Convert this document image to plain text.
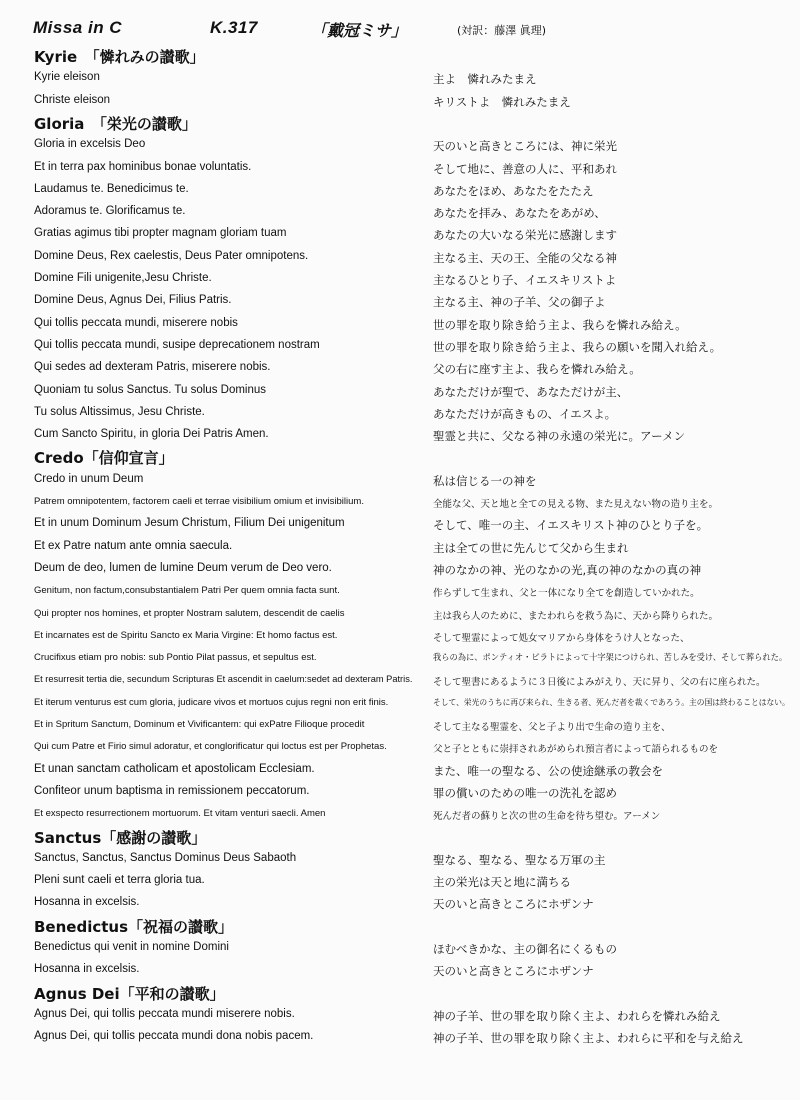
Missa in C	K.317	「戴冠ミサ」	(対訳：藤澤 眞理)
Kyrie　「憐れみの讃歌」
Kyrie eleison	主よ　憐れみたまえ
Christe eleison	キリストよ　憐れみたまえ
Gloria　「栄光の讃歌」
Gloria in excelsis Deo	天のいと高きところには、神に栄光
Et in terra pax hominibus bonae voluntatis.	そして地に、善意の人に、平和あれ
Laudamus te. Benedicimus te.	あなたをほめ、あなたをたたえ
Adoramus te. Glorificamus te.	あなたを拝み、あなたをあがめ、
Gratias agimus tibi propter magnam gloriam tuam	あなたの大いなる栄光に感謝します
Domine Deus, Rex caelestis, Deus Pater omnipotens.	主なる主、天の王、全能の父なる神
Domine Fili unigenite,Jesu Christe.	主なるひとり子、イエスキリストよ
Domine Deus, Agnus Dei, Filius Patris.	主なる主、神の子羊、父の御子よ
Qui tollis peccata mundi, miserere nobis	世の罪を取り除き給う主よ、我らを憐れみ給え。
Qui tollis peccata mundi, susipe deprecationem nostram	世の罪を取り除き給う主よ、我らの願いを聞入れ給え。
Qui sedes ad dexteram Patris, miserere nobis.	父の右に座す主よ、我らを憐れみ給え。
Quoniam tu solus Sanctus. Tu solus Dominus	あなただけが聖で、あなただけが主、
Tu solus Altissimus, Jesu Christe.	あなただけが高きもの、イエスよ。
Cum Sancto Spiritu, in gloria Dei Patris Amen.	聖霊と共に、父なる神の永遠の栄光に。アーメン
Credo「信仰宣言」
Credo in unum Deum	私は信じる一の神を
Patrem omnipotentem, factorem caeli et terrae visibilium omium et invisibilium.	全能な父、天と地と全ての見える物、また見えない物の造り主を。
Et in unum Dominum Jesum Christum, Filium Dei unigenitum	そして、唯一の主、イエスキリスト神のひとり子を。
Et ex Patre natum ante omnia saecula.	主は全ての世に先んじて父から生まれ
Deum de deo, lumen de lumine Deum verum de Deo vero.	神のなかの神、光のなかの光,真の神のなかの真の神
Genitum, non factum,consubstantialem Patri Per quem omnia facta sunt.	作らずして生まれ、父と一体になり全てを創造していかれた。
Qui propter nos homines, et propter Nostram salutem, descendit de caelis	主は我ら人のために、またわれらを救う為に、天から降りられた。
Et incarnates est de Spiritu Sancto ex Maria Virgine: Et homo factus est.	そして聖霊によって処女マリアから身体をうけ人となった、
Crucifixus etiam pro nobis: sub Pontio Pilat passus, et sepultus est.	我らの為に、ポンティオ・ピラトによって十字架につけられ、苦しみを受け、そして葬られた。
Et resurresit tertia die, secundum Scripturas Et ascendit in caelum:sedet ad dexteram Patris. そして聖書にあるように３日後によみがえり、天に昇り、父の右に座られた。
Et iterum venturus est cum gloria, judicare vivos et mortuos cujus regni non erit finis.	そして、栄光のうちに再び来られ、生きる者、死んだ者を裁くであろう。主の国は終わることはない。
Et in Spritum Sanctum, Dominum et Vivificantem: qui exPatre Filioque procedit	そして主なる聖霊を、父と子より出で生命の造り主を、
Qui cum Patre et Firio simul adoratur, et conglorificatur qui loctus est per Prophetas.	父と子とともに崇拝されあがめられ預言者によって語られるものを
Et unan sanctam catholicam et apostolicam Ecclesiam.	また、唯一の聖なる、公の使途継承の教会を
Confiteor unum baptisma in remissionem peccatorum.	罪の償いのための唯一の洗礼を認め
Et exspecto resurrectionem mortuorum. Et vitam venturi saecli. Amen	死んだ者の蘇りと次の世の生命を待ち望む。アーメン
Sanctus「感謝の讃歌」
Sanctus, Sanctus, Sanctus Dominus Deus Sabaoth	聖なる、聖なる、聖なる万軍の主
Pleni sunt caeli et terra gloria tua.	主の栄光は天と地に満ちる
Hosanna in excelsis.	天のいと高きところにホザンナ
Benedictus「祝福の讃歌」
Benedictus qui venit in nomine Domini	ほむべきかな、主の御名にくるもの
Hosanna in excelsis.	天のいと高きところにホザンナ
Agnus Dei「平和の讃歌」
Agnus Dei, qui tollis peccata mundi miserere nobis.	神の子羊、世の罪を取り除く主よ、われらを憐れみ給え
Agnus Dei, qui tollis peccata mundi dona nobis pacem.	神の子羊、世の罪を取り除く主よ、われらに平和を与え給え
